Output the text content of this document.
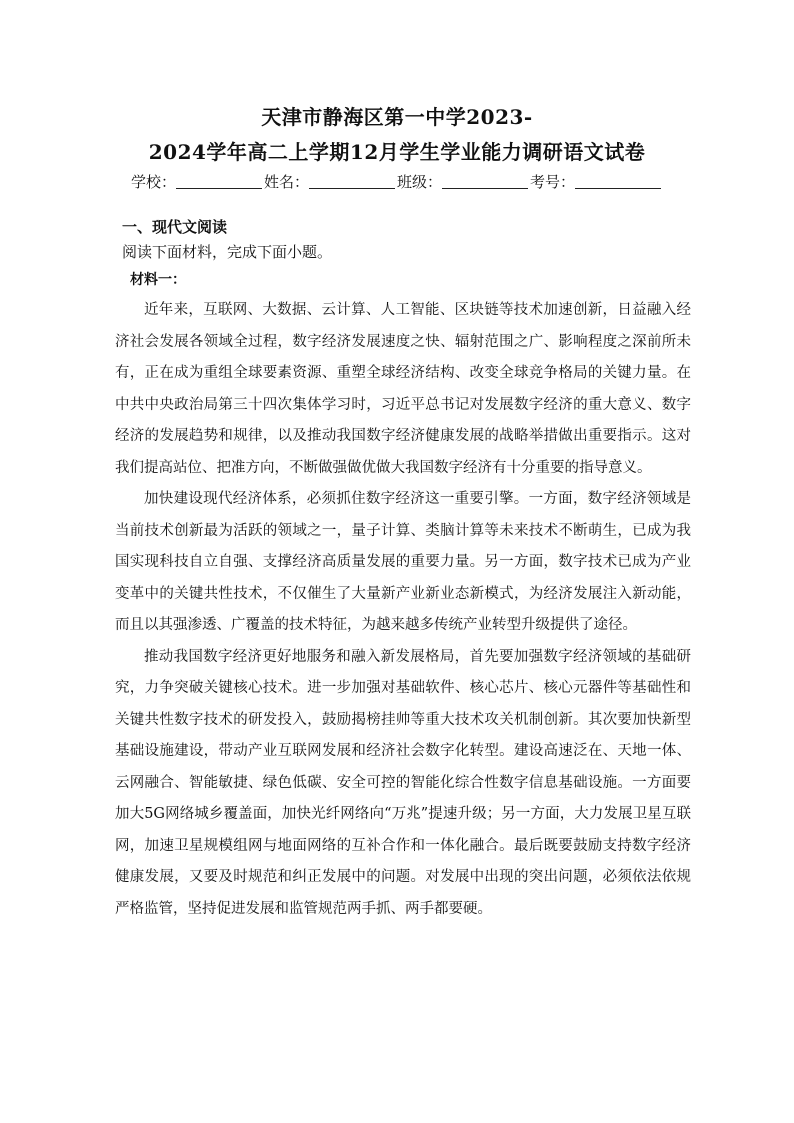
天津市静海区第一中学2023-
2024学年高二上学期12月学生学业能力调研语文试卷
学校：	姓名：	班级：	考号：
一、现代文阅读
阅读下面材料，完成下面小题。
材料一：

近年来，互联网、大数据、云计算、人工智能、区块链等技术加速创新，日益融入经济社会发展各领域全过程，数字经济发展速度之快、辐射范围之广、影响程度之深前所未有，正在成为重组全球要素资源、重塑全球经济结构、改变全球竞争格局的关键力量。在中共中央政治局第三十四次集体学习时，习近平总书记对发展数字经济的重大意义、数字经济的发展趋势和规律，以及推动我国数字经济健康发展的战略举措做出重要指示。这对我们提高站位、把准方向，不断做强做优做大我国数字经济有十分重要的指导意义。

加快建设现代经济体系，必须抓住数字经济这一重要引擎。一方面，数字经济领域是当前技术创新最为活跃的领域之一，量子计算、类脑计算等未来技术不断萌生，已成为我国实现科技自立自强、支撑经济高质量发展的重要力量。另一方面，数字技术已成为产业变革中的关键共性技术，不仅催生了大量新产业新业态新模式，为经济发展注入新动能，而且以其强渗透、广覆盖的技术特征，为越来越多传统产业转型升级提供了途径。

推动我国数字经济更好地服务和融入新发展格局，首先要加强数字经济领域的基础研究，力争突破关键核心技术。进一步加强对基础软件、核心芯片、核心元器件等基础性和关键共性数字技术的研发投入，鼓励揭榜挂帅等重大技术攻关机制创新。其次要加快新型基础设施建设，带动产业互联网发展和经济社会数字化转型。建设高速泛在、天地一体、云网融合、智能敏捷、绿色低碳、安全可控的智能化综合性数字信息基础设施。一方面要加大5G网络城乡覆盖面，加快光纤网络向“万兆”提速升级；另一方面，大力发展卫星互联网，加速卫星规模组网与地面网络的互补合作和一体化融合。最后既要鼓励支持数字经济健康发展，又要及时规范和纠正发展中的问题。对发展中出现的突出问题，必须依法依规严格监管，坚持促进发展和监管规范两手抓、两手都要硬。
